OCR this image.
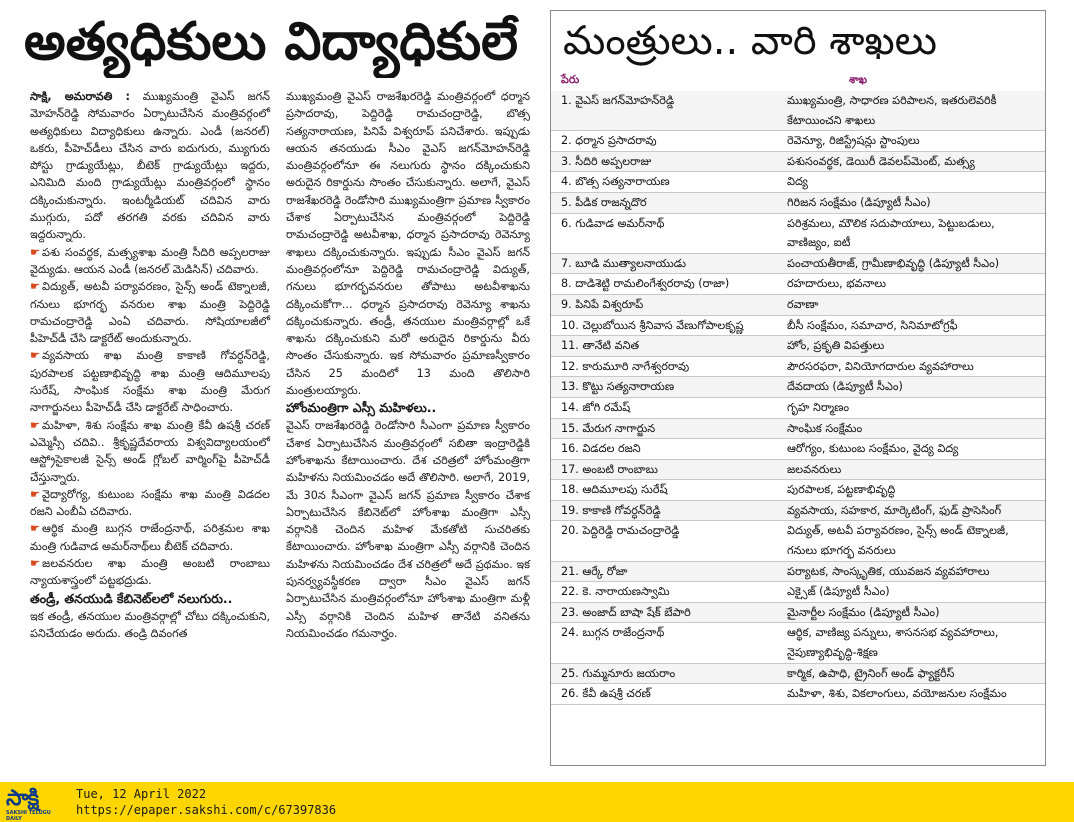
అత్యధికులు విద్యాధికులే

సాక్షి, అమరావతి : ముఖ్యమంత్రి వైఎస్ జగన్ మోహన్‌రెడ్డి సోమవారం ఏర్పాటుచేసిన మంత్రివర్గంలో అత్యధికులు విద్యాధికులు ఉన్నారు. ఎండీ (జనరల్) ఒకరు, పీహెచ్‌డీలు చేసిన వారు ఐదుగురు, మ్యుగురు పోస్టు గ్రాడ్యుయేట్లు, బీటెక్ గ్రాడ్యుయేట్లు ఇద్దరు, ఎనిమిది మంది గ్రాడ్యుయేట్లు మంత్రివర్గంలో స్థానం దక్కించుకున్నారు. ఇంటర్మీడియట్ చదివిన వారు ముగ్గురు, పదో తరగతి వరకు చదివిన వారు ఇద్దరున్నారు.

☛ పశు సంవర్థక, మత్స్యశాఖ మంత్రి సీదిరి అప్పలరాజు వైద్యుడు. ఆయన ఎండీ (జనరల్ మెడిసిన్) చదివారు.

☛ విద్యుత్, అటవీ పర్యావరణం, సైన్స్ అండ్ టెక్నాలజీ, గనులు భూగర్భ వనరుల శాఖ మంత్రి పెద్దిరెడ్డి రామచంద్రారెడ్డి ఎంఏ చదివారు. సోషియాలజీలో పీహెచ్‌డీ చేసి డాక్టరేట్ అందుకున్నారు.

☛ వ్యవసాయ శాఖ మంత్రి కాకాణి గోవర్ధన్‌రెడ్డి, పురపాలక పట్టణాభివృద్ధి శాఖ మంత్రి ఆదిమూలపు సురేష్, సాంఘిక సంక్షేమ శాఖ మంత్రి మేరుగ నాగార్జునలు పీహెచ్‌డీ చేసి డాక్టరేట్ సాధించారు.

☛ మహిళా, శిశు సంక్షేమ శాఖ మంత్రి కేవీ ఉషశ్రీ చరణ్ ఎమ్మెస్సీ చదివి.. శ్రీకృష్ణదేవరాయ విశ్వవిద్యాలయంలో ఆస్ట్రోసైకాలజీ సైన్స్ అండ్ గ్లోబల్ వార్మింగ్‌పై పీహెచ్‌డీ చేస్తున్నారు.

☛ వైద్యారోగ్య, కుటుంబ సంక్షేమ శాఖ మంత్రి విడదల రజని ఎంబీఏ చదివారు.

☛ ఆర్థిక మంత్రి బుగ్గన రాజేంద్రనాథ్, పరిశ్రమల శాఖ మంత్రి గుడివాడ అమర్‌నాథ్‌లు బీటెక్ చదివారు.

☛ జలవనరుల శాఖ మంత్రి అంబటి రాంబాబు న్యాయశాస్త్రంలో పట్టభద్రుడు.

తండ్రీ, తనయుడి కేబినెట్‌లలో నలుగురు..

ఇక తండ్రీ, తనయుల మంత్రివర్గాల్లో చోటు దక్కించుకుని, పనిచేయడం అరుదు. తండ్రి దివంగత

ముఖ్యమంత్రి వైఎస్ రాజశేఖరరెడ్డి మంత్రివర్గంలో ధర్మాన ప్రసాదరావు, పెద్దిరెడ్డి రామచంద్రారెడ్డి, బొత్స సత్యనారాయణ, పినిపే విశ్వరూప్ పనిచేశారు. ఇప్పుడు ఆయన తనయుడు సీఎం వైఎస్ జగన్‌మోహన్‌రెడ్డి మంత్రివర్గంలోనూ ఈ నలుగురు స్థానం దక్కించుకుని అరుదైన రికార్డును సొంతం చేసుకున్నారు. అలాగే, వైఎస్ రాజశేఖరరెడ్డి రెండోసారి ముఖ్యమంత్రిగా ప్రమాణ స్వీకారం చేశాక ఏర్పాటుచేసిన మంత్రివర్గంలో పెద్దిరెడ్డి రామచంద్రారెడ్డి అటవీశాఖ, ధర్మాన ప్రసాదరావు రెవెన్యూ శాఖలు దక్కించుకున్నారు. ఇప్పుడు సీఎం వైఎస్ జగన్ మంత్రివర్గంలోనూ పెద్దిరెడ్డి రామచంద్రారెడ్డి విద్యుత్, గనులు భూగర్భవనరుల తోపాటు అటవీశాఖను దక్కించుకోగా... ధర్మాన ప్రసాదరావు రెవెన్యూ శాఖను దక్కించుకున్నారు. తండ్రీ, తనయుల మంత్రివర్గాల్లో ఒకే శాఖను దక్కించుకుని మరో అరుదైన రికార్డును వీరు సొంతం చేసుకున్నారు. ఇక సోమవారం ప్రమాణస్వీకారం చేసిన 25 మందిలో 13 మంది తొలిసారి మంత్రులయ్యారు.

హోంమంత్రిగా ఎస్సీ మహిళలు..

వైఎస్ రాజశేఖరరెడ్డి రెండోసారి సీఎంగా ప్రమాణ స్వీకారం చేశాక ఏర్పాటుచేసిన మంత్రివర్గంలో సబితా ఇంద్రారెడ్డికి హోంశాఖను కేటాయించారు. దేశ చరిత్రలో హోంమంత్రిగా మహిళను నియమించడం అదే తొలిసారి. అలాగే, 2019, మే 30న సీఎంగా వైఎస్ జగన్ ప్రమాణ స్వీకారం చేశాక ఏర్పాటుచేసిన కేబినెట్‌లో హోంశాఖ మంత్రిగా ఎస్సీ వర్గానికి చెందిన మహిళ మేకతోటి సుచరితకు కేటాయించారు. హోంశాఖ మంత్రిగా ఎస్సీ వర్గానికి చెందిన మహిళను నియమించడం దేశ చరిత్రలో అదే ప్రథమం. ఇక పునర్వ్యవస్థీకరణ ద్వారా సీఎం వైఎస్ జగన్ ఏర్పాటుచేసిన మంత్రివర్గంలోనూ హోంశాఖ మంత్రిగా మళ్లీ ఎస్సీ వర్గానికి చెందిన మహిళ తానేటి వనితను నియమించడం గమనార్హం.

మంత్రులు.. వారి శాఖలు
పేరు	శాఖ
1. వైఎస్ జగన్‌మోహన్‌రెడ్డి	ముఖ్యమంత్రి, సాధారణ పరిపాలన, ఇతరులెవరికీ కేటాయించని శాఖలు
2. ధర్మాన ప్రసాదరావు	రెవెన్యూ, రిజిస్ట్రేషన్లు స్టాంపులు
3. సీదిరి అప్పలరాజు	పశుసంవర్థక, డెయిరీ డెవలప్‌మెంట్, మత్స్య
4. బొత్స సత్యనారాయణ	విద్య
5. పీడిక రాజన్నదొర	గిరిజన సంక్షేమం (డిప్యూటీ సీఎం)
6. గుడివాడ అమర్‌నాథ్	పరిశ్రమలు, మౌలిక సదుపాయాలు, పెట్టుబడులు, వాణిజ్యం, ఐటీ
7. బూడి ముత్యాలనాయుడు	పంచాయతీరాజ్, గ్రామీణాభివృద్ధి (డిప్యూటీ సీఎం)
8. దాడిశెట్టి రామలింగేశ్వరరావు (రాజా)	రహదారులు, భవనాలు
9. పినిపే విశ్వరూప్	రవాణా
10. చెల్లుబోయిన శ్రీనివాస వేణుగోపాలకృష్ణ	బీసీ సంక్షేమం, సమాచార, సినిమాటోగ్రఫీ
11. తానేటి వనిత	హోం, ప్రకృతి విపత్తులు
12. కారుమూరి నాగేశ్వరరావు	పౌరసరఫరా, వినియోగదారుల వ్యవహారాలు
13. కొట్టు సత్యనారాయణ	దేవదాయ (డిప్యూటీ సీఎం)
14. జోగి రమేష్	గృహ నిర్మాణం
15. మేరుగ నాగార్జున	సాంఘిక సంక్షేమం
16. విడదల రజని	ఆరోగ్యం, కుటుంబ సంక్షేమం, వైద్య విద్య
17. అంబటి రాంబాబు	జలవనరులు
18. ఆదిమూలపు సురేష్	పురపాలక, పట్టణాభివృద్ధి
19. కాకాణి గోవర్ధన్‌రెడ్డి	వ్యవసాయ, సహకార, మార్కెటింగ్, ఫుడ్ ప్రాసెసింగ్
20. పెద్దిరెడ్డి రామచంద్రారెడ్డి	విద్యుత్, అటవీ పర్యావరణం, సైన్స్ అండ్ టెక్నాలజీ, గనులు భూగర్భ వనరులు
21. ఆర్కే రోజా	పర్యాటక, సాంస్కృతిక, యువజన వ్యవహారాలు
22. కె. నారాయణస్వామి	ఎక్సైజ్ (డిప్యూటీ సీఎం)
23. అంజాద్ బాషా షేక్ బేపారి	మైనార్టీల సంక్షేమం (డిప్యూటీ సీఎం)
24. బుగ్గన రాజేంద్రనాథ్	ఆర్థిక, వాణిజ్య పన్నులు, శాసనసభ వ్యవహారాలు, నైపుణ్యాభివృద్ధి-శిక్షణ
25. గుమ్మనూరు జయరాం	కార్మిక, ఉపాధి, ట్రైనింగ్ అండ్ ఫ్యాక్టరీస్
26. కేవీ ఉషశ్రీ చరణ్	మహిళా, శిశు, వికలాంగులు, వయోజనుల సంక్షేమం
సాక్షి
SAKSHI TELUGU DAILY
Tue, 12 April 2022
https://epaper.sakshi.com/c/67397836
